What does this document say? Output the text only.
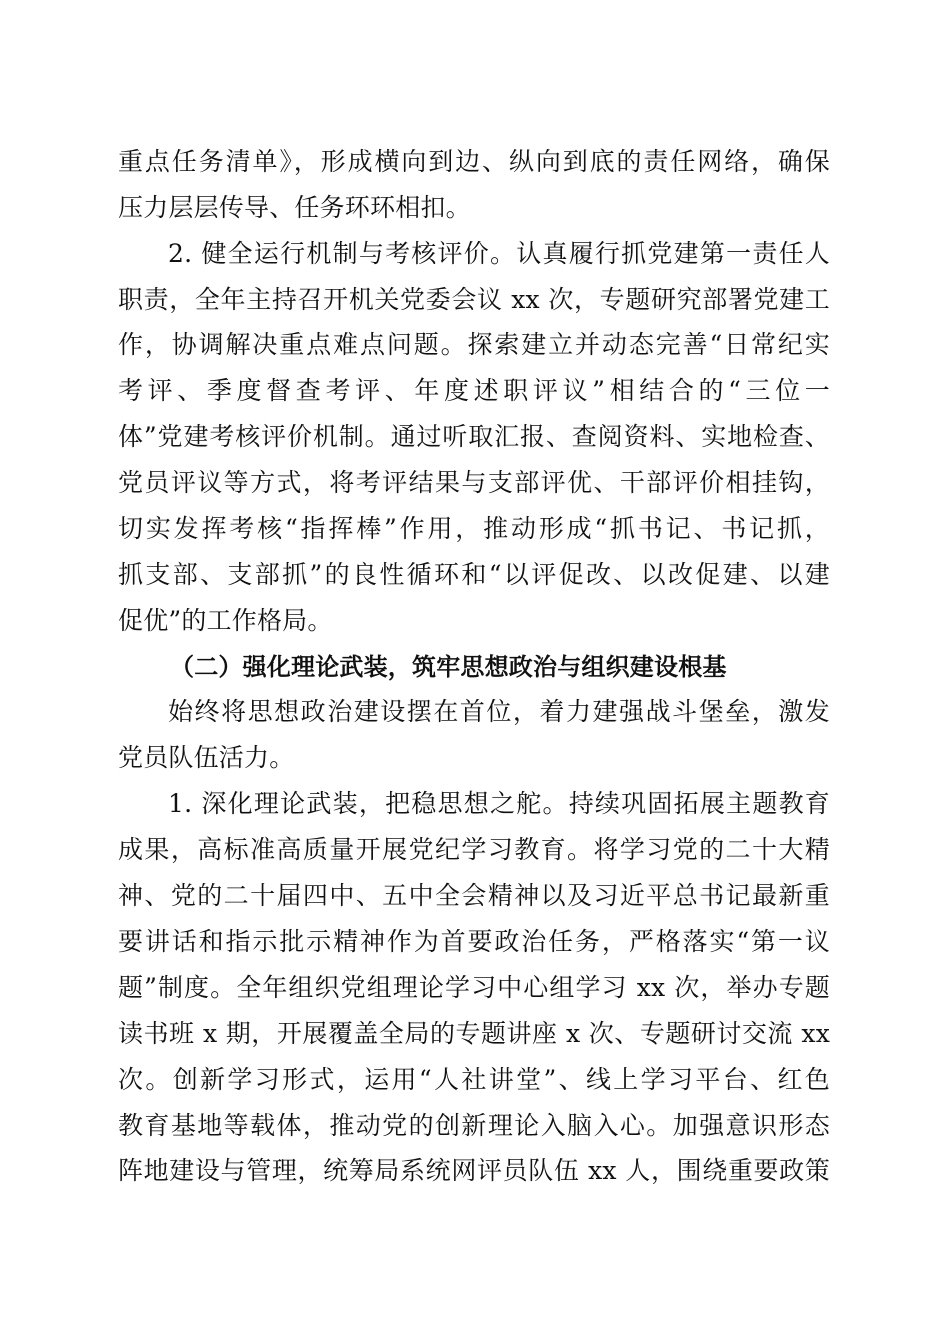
重点任务清单》，形成横向到边、纵向到底的责任网络，确保
压力层层传导、任务环环相扣。
2. 健全运行机制与考核评价。认真履行抓党建第一责任人
职责，全年主持召开机关党委会议 xx 次，专题研究部署党建工
作，协调解决重点难点问题。探索建立并动态完善“日常纪实
考评、季度督查考评、年度述职评议”相结合的“三位一
体”党建考核评价机制。通过听取汇报、查阅资料、实地检查、
党员评议等方式，将考评结果与支部评优、干部评价相挂钩，
切实发挥考核“指挥棒”作用，推动形成“抓书记、书记抓，
抓支部、支部抓”的良性循环和“以评促改、以改促建、以建
促优”的工作格局。
（二）强化理论武装，筑牢思想政治与组织建设根基
始终将思想政治建设摆在首位，着力建强战斗堡垒，激发
党员队伍活力。
1. 深化理论武装，把稳思想之舵。持续巩固拓展主题教育
成果，高标准高质量开展党纪学习教育。将学习党的二十大精
神、党的二十届四中、五中全会精神以及习近平总书记最新重
要讲话和指示批示精神作为首要政治任务，严格落实“第一议
题”制度。全年组织党组理论学习中心组学习 xx 次，举办专题
读书班 x 期，开展覆盖全局的专题讲座 x 次、专题研讨交流 xx
次。创新学习形式，运用“人社讲堂”、线上学习平台、红色
教育基地等载体，推动党的创新理论入脑入心。加强意识形态
阵地建设与管理，统筹局系统网评员队伍 xx 人，围绕重要政策
